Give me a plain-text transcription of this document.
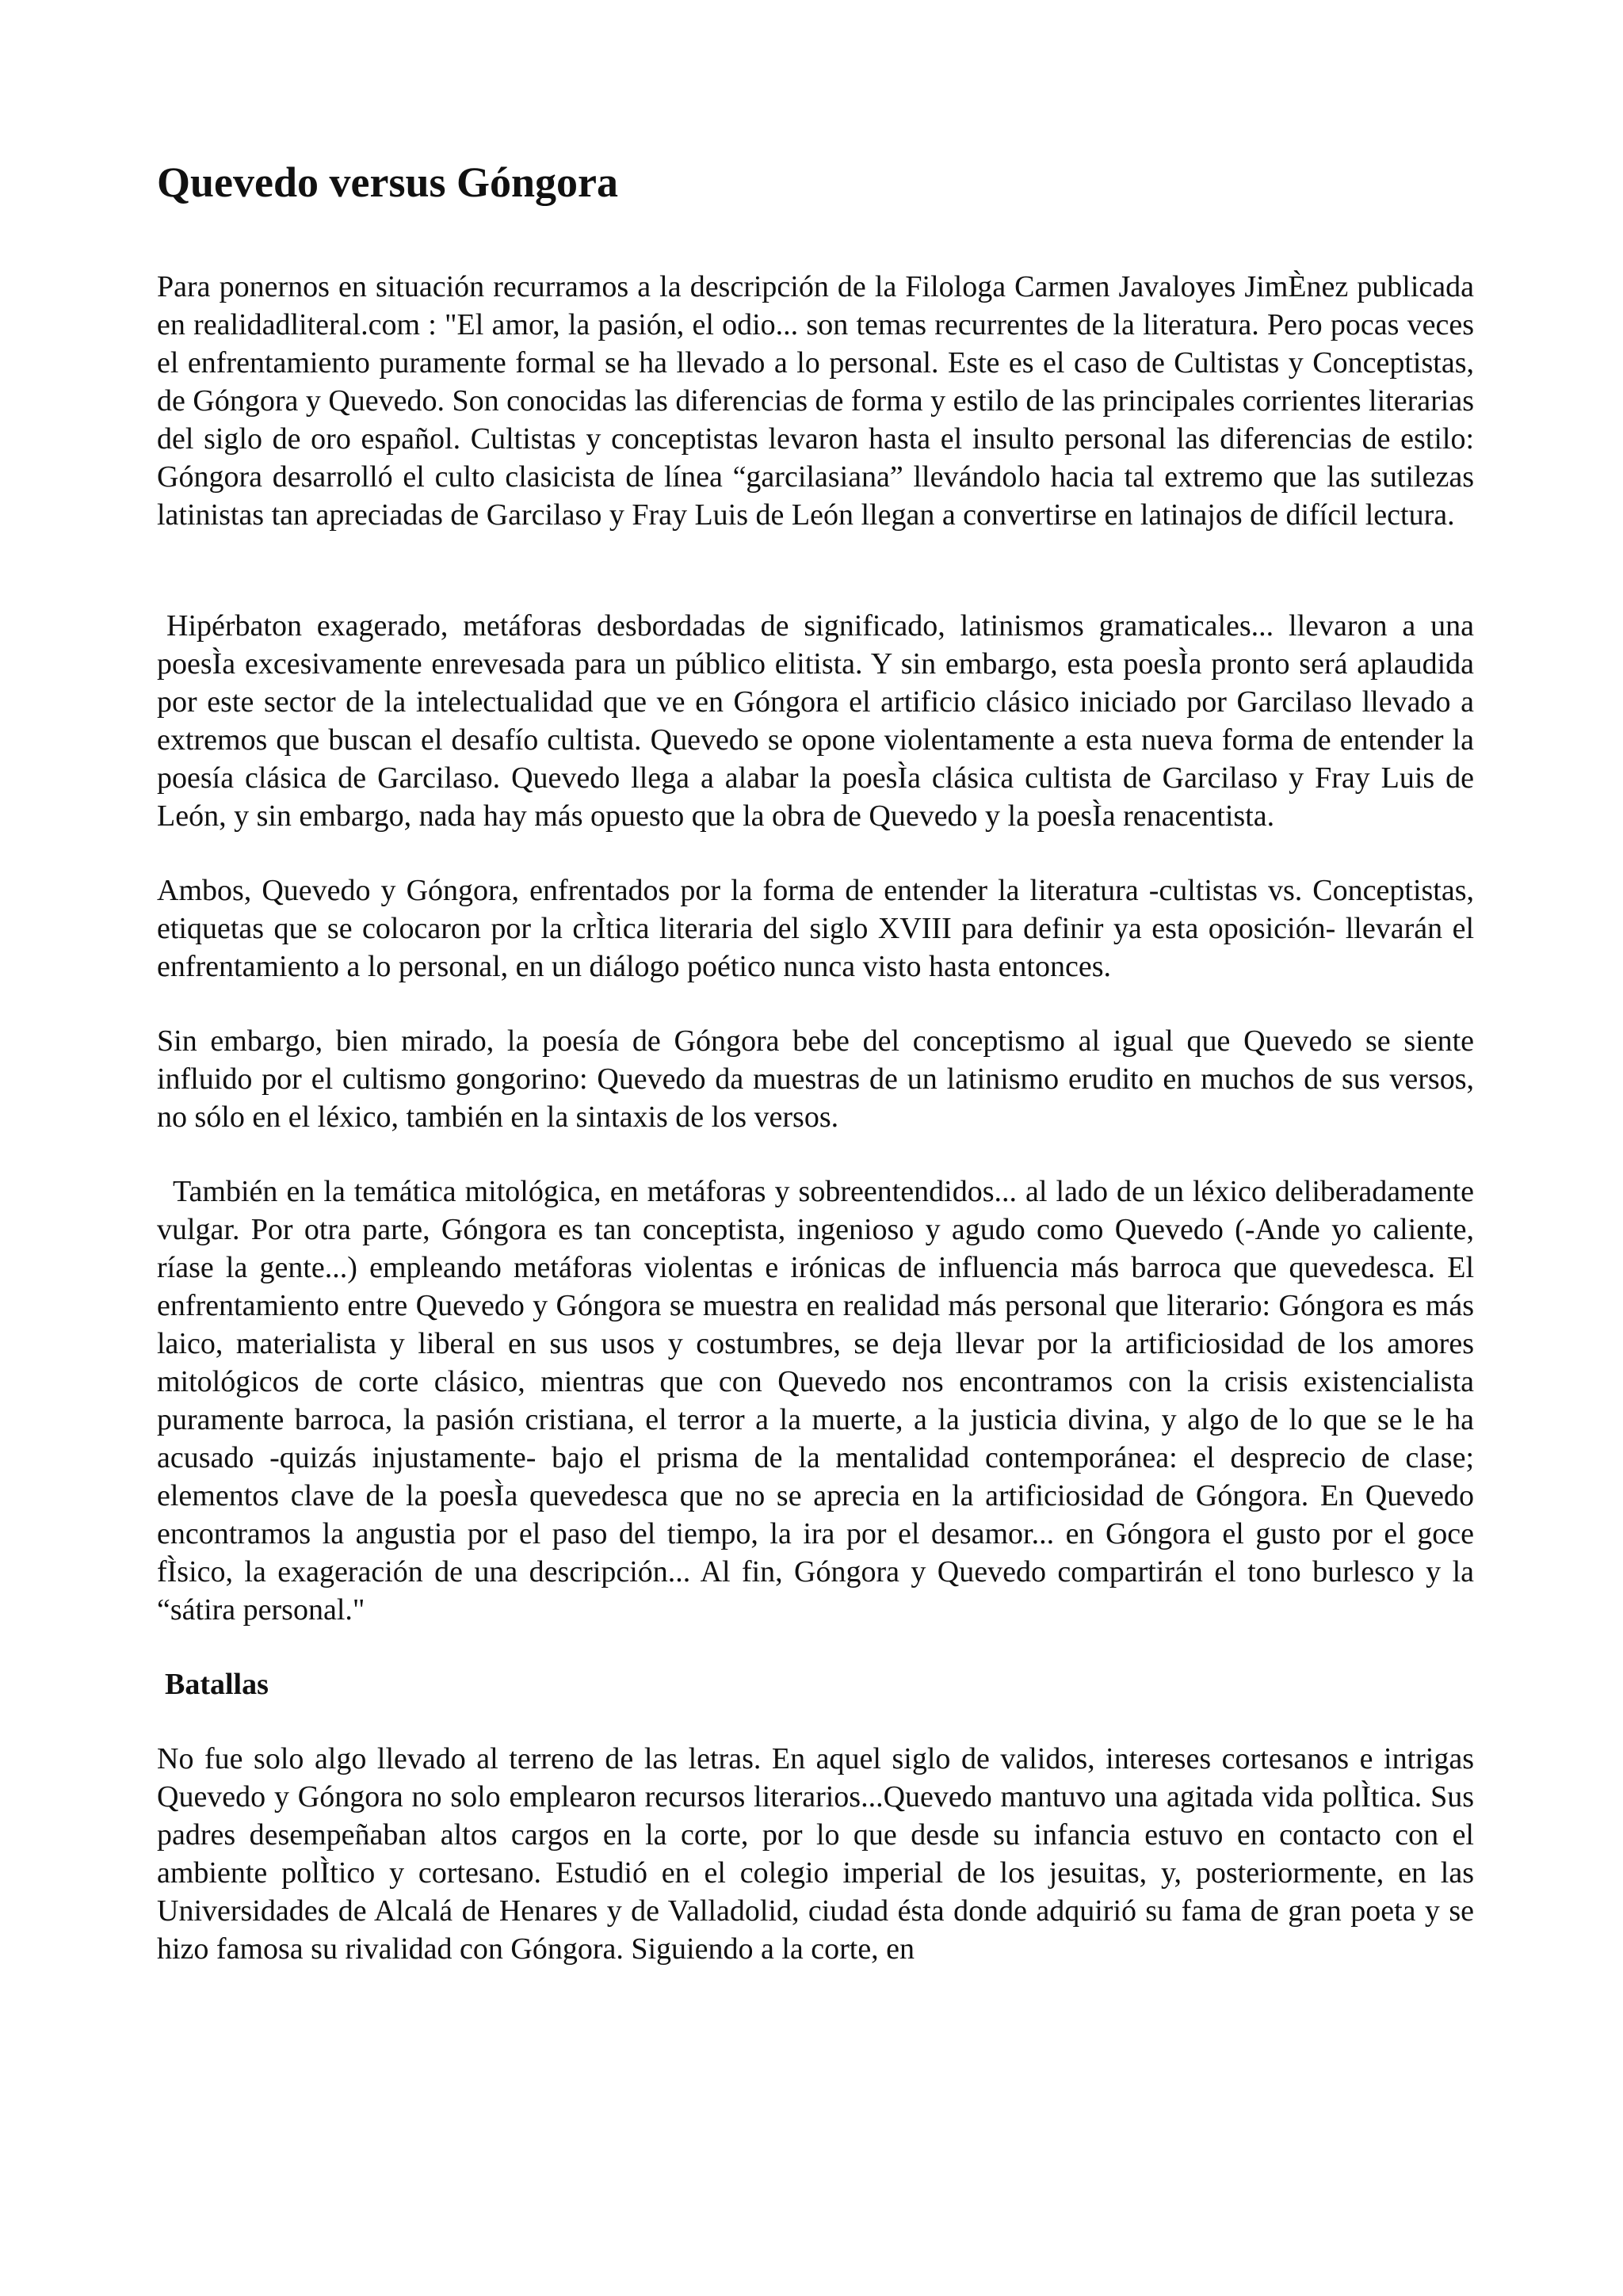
Quevedo versus Góngora

Para ponernos en situación recurramos a la descripción de la Filologa Carmen Javaloyes JimÈnez publicada en realidadliteral.com : "El amor, la pasión, el odio... son temas recurrentes de la literatura. Pero pocas veces el enfrentamiento puramente formal se ha llevado a lo personal. Este es el caso de Cultistas y Conceptistas, de Góngora y Quevedo. Son conocidas las diferencias de forma y estilo de las principales corrientes literarias del siglo de oro español. Cultistas y conceptistas levaron hasta el insulto personal las diferencias de estilo: Góngora desarrolló el culto clasicista de línea “garcilasiana” llevándolo hacia tal extremo que las sutilezas latinistas tan apreciadas de Garcilaso y Fray Luis de León llegan a convertirse en latinajos de difícil lectura.

Hipérbaton exagerado, metáforas desbordadas de significado, latinismos gramaticales... llevaron a una poesÌa excesivamente enrevesada para un público elitista. Y sin embargo, esta poesÌa pronto será aplaudida por este sector de la intelectualidad que ve en Góngora el artificio clásico iniciado por Garcilaso llevado a extremos que buscan el desafío cultista. Quevedo se opone violentamente a esta nueva forma de entender la poesía clásica de Garcilaso. Quevedo llega a alabar la poesÌa clásica cultista de Garcilaso y Fray Luis de León, y sin embargo, nada hay más opuesto que la obra de Quevedo y la poesÌa renacentista.

Ambos, Quevedo y Góngora, enfrentados por la forma de entender la literatura -cultistas vs. Conceptistas, etiquetas que se colocaron por la crÌtica literaria del siglo XVIII para definir ya esta oposición- llevarán el enfrentamiento a lo personal, en un diálogo poético nunca visto hasta entonces.

Sin embargo, bien mirado, la poesía de Góngora bebe del conceptismo al igual que Quevedo se siente influido por el cultismo gongorino: Quevedo da muestras de un latinismo erudito en muchos de sus versos, no sólo en el léxico, también en la sintaxis de los versos.

También en la temática mitológica, en metáforas y sobreentendidos... al lado de un léxico deliberadamente vulgar. Por otra parte, Góngora es tan conceptista, ingenioso y agudo como Quevedo (-Ande yo caliente, ríase la gente...) empleando metáforas violentas e irónicas de influencia más barroca que quevedesca. El enfrentamiento entre Quevedo y Góngora se muestra en realidad más personal que literario: Góngora es más laico, materialista y liberal en sus usos y costumbres, se deja llevar por la artificiosidad de los amores mitológicos de corte clásico, mientras que con Quevedo nos encontramos con la crisis existencialista puramente barroca, la pasión cristiana, el terror a la muerte, a la justicia divina, y algo de lo que se le ha acusado -quizás injustamente- bajo el prisma de la mentalidad contemporánea: el desprecio de clase; elementos clave de la poesÌa quevedesca que no se aprecia en la artificiosidad de Góngora. En Quevedo encontramos la angustia por el paso del tiempo, la ira por el desamor... en Góngora el gusto por el goce fÌsico, la exageración de una descripción... Al fin, Góngora y Quevedo compartirán el tono burlesco y la “sátira personal."

Batallas

No fue solo algo llevado al terreno de las letras. En aquel siglo de validos, intereses cortesanos e intrigas Quevedo y Góngora no solo emplearon recursos literarios...Quevedo mantuvo una agitada vida polÌtica. Sus padres desempeñaban altos cargos en la corte, por lo que desde su infancia estuvo en contacto con el ambiente polÌtico y cortesano. Estudió en el colegio imperial de los jesuitas, y, posteriormente, en las Universidades de Alcalá de Henares y de Valladolid, ciudad ésta donde adquirió su fama de gran poeta y se hizo famosa su rivalidad con Góngora. Siguiendo a la corte, en
